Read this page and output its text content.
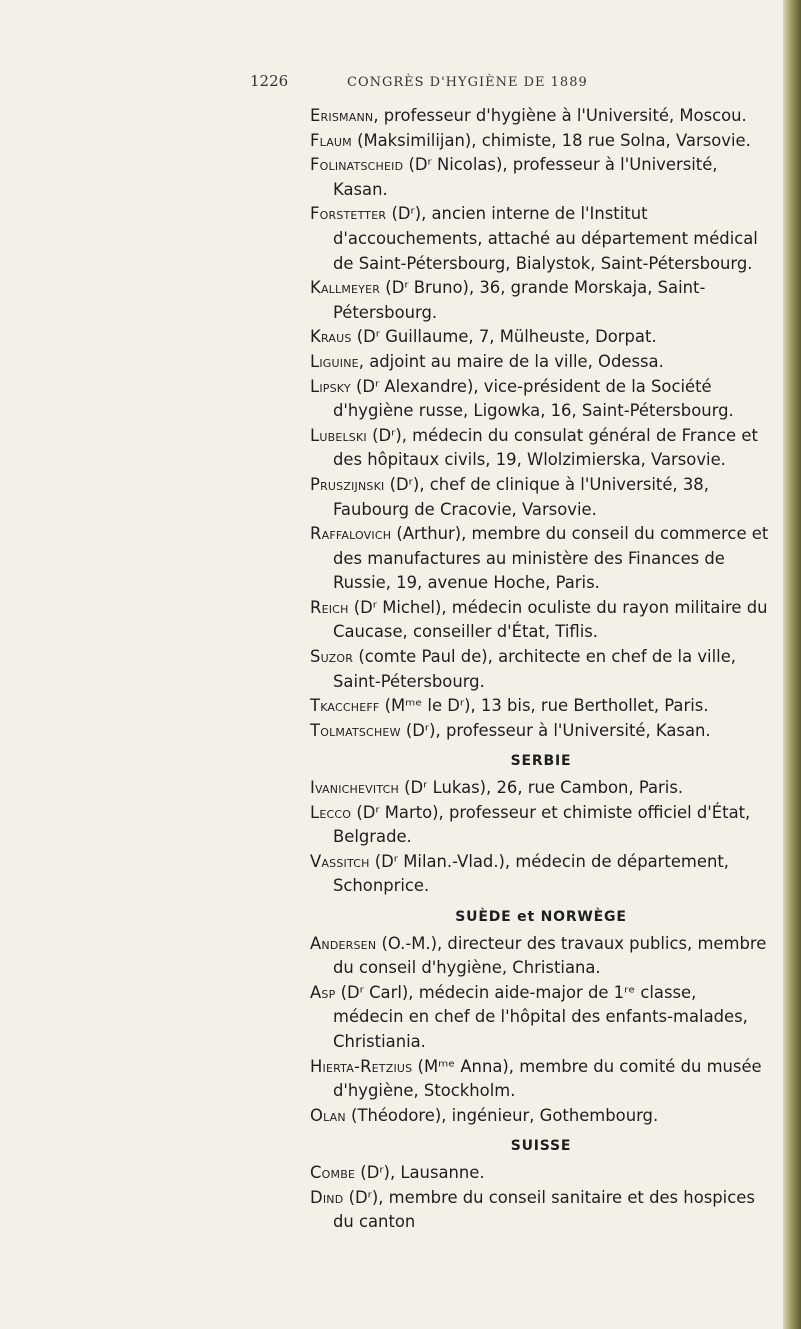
1226	CONGRÈS D'HYGIÈNE DE 1889

Erismann, professeur d'hygiène à l'Université, Moscou.

Flaum (Maksimilijan), chimiste, 18 rue Solna, Varsovie.

Folinatscheid (Dʳ Nicolas), professeur à l'Université, Kasan.

Forstetter (Dʳ), ancien interne de l'Institut d'accouchements, attaché au département médical de Saint-Pétersbourg, Bialystok, Saint-Pétersbourg.

Kallmeyer (Dʳ Bruno), 36, grande Morskaja, Saint-Pétersbourg.

Kraus (Dʳ Guillaume, 7, Mülheuste, Dorpat.

Liguine, adjoint au maire de la ville, Odessa.

Lipsky (Dʳ Alexandre), vice-président de la Société d'hygiène russe, Ligowka, 16, Saint-Pétersbourg.

Lubelski (Dʳ), médecin du consulat général de France et des hôpitaux civils, 19, Wlolzimierska, Varsovie.

Pruszijnski (Dʳ), chef de clinique à l'Université, 38, Faubourg de Cracovie, Varsovie.

Raffalovich (Arthur), membre du conseil du commerce et des manufactures au ministère des Finances de Russie, 19, avenue Hoche, Paris.

Reich (Dʳ Michel), médecin oculiste du rayon militaire du Caucase, conseiller d'État, Tiflis.

Suzor (comte Paul de), architecte en chef de la ville, Saint-Pétersbourg.

Tkaccheff (Mᵐᵉ le Dʳ), 13 bis, rue Berthollet, Paris.

Tolmatschew (Dʳ), professeur à l'Université, Kasan.

SERBIE

Ivanichevitch (Dʳ Lukas), 26, rue Cambon, Paris.

Lecco (Dʳ Marto), professeur et chimiste officiel d'État, Belgrade.

Vassitch (Dʳ Milan.-Vlad.), médecin de département, Schonprice.

SUÈDE et NORWÈGE

Andersen (O.-M.), directeur des travaux publics, membre du conseil d'hygiène, Christiana.

Asp (Dʳ Carl), médecin aide-major de 1ʳᵉ classe, médecin en chef de l'hôpital des enfants-malades, Christiania.

Hierta-Retzius (Mᵐᵉ Anna), membre du comité du musée d'hygiène, Stockholm.

Olan (Théodore), ingénieur, Gothembourg.

SUISSE

Combe (Dʳ), Lausanne.

Dind (Dʳ), membre du conseil sanitaire et des hospices du canton
